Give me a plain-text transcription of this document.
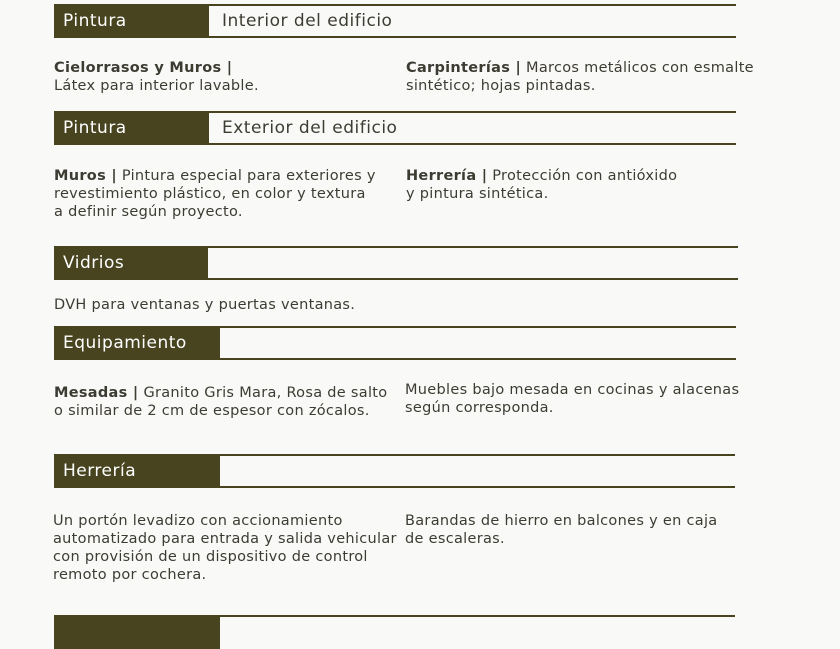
Pintura	Interior del edificio

Cielorrasos y Muros |
Látex para interior lavable.

Carpinterías | Marcos metálicos con esmalte
sintético; hojas pintadas.

Pintura	Exterior del edificio

Muros | Pintura especial para exteriores y
revestimiento plástico, en color y textura
a definir según proyecto.

Herrería | Protección con antióxido
y pintura sintética.

Vidrios

DVH para ventanas y puertas ventanas.

Equipamiento

Mesadas | Granito Gris Mara, Rosa de salto
o similar de 2 cm de espesor con zócalos.

Muebles bajo mesada en cocinas y alacenas
según corresponda.

Herrería

Un portón levadizo con accionamiento
automatizado para entrada y salida vehicular
con provisión de un dispositivo de control
remoto por cochera.

Barandas de hierro en balcones y en caja
de escaleras.
